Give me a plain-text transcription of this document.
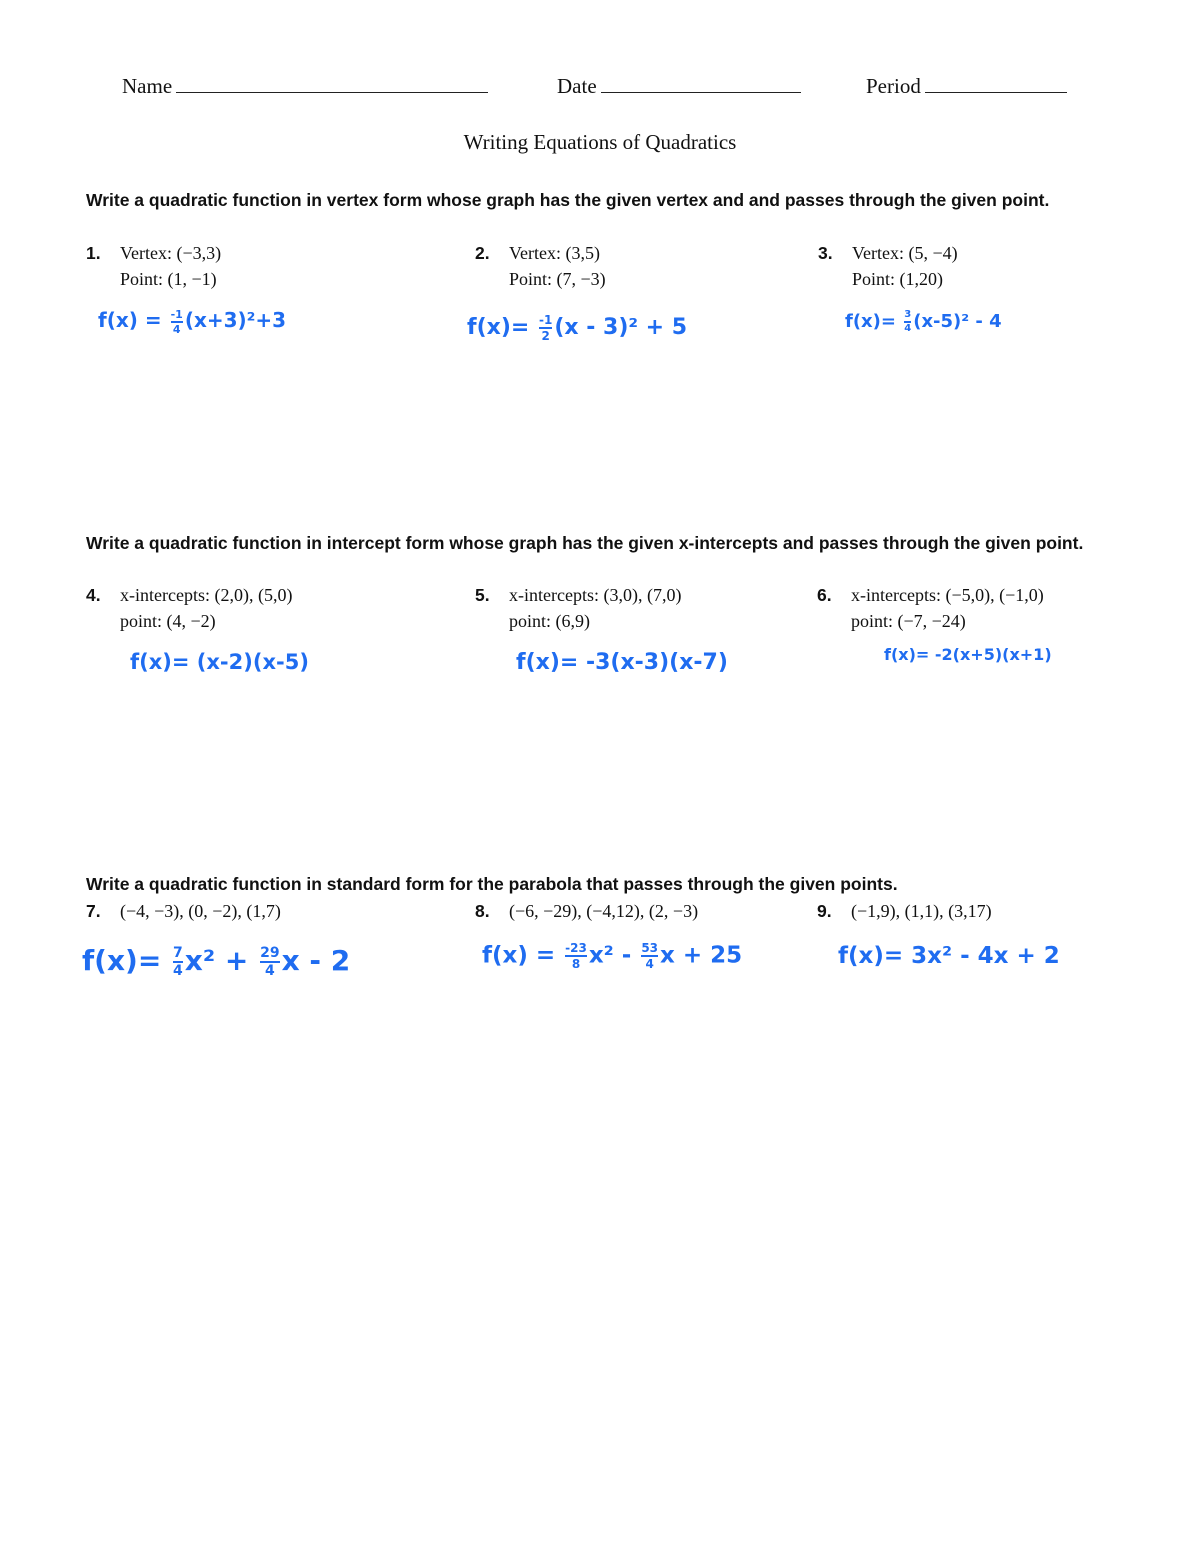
Name	Date	Period
Writing Equations of Quadratics
Write a quadratic function in vertex form whose graph has the given vertex and and passes through the given point.
1. Vertex: (−3,3)
Point: (1, −1)
2. Vertex: (3,5)
Point: (7, −3)
3. Vertex: (5, −4)
Point: (1,20)
$f(x) = \frac{-1}{4} (x+3)^2+3$	$f(x)= \frac{-1}{2} (x - 3)^2 + 5$	$f(x)= \frac{3}{4} (x-5)^2 - 4$
Write a quadratic function in intercept form whose graph has the given x-intercepts and passes through the given point.
4. x-intercepts: (2,0), (5,0)
point: (4, −2)
5. x-intercepts: (3,0), (7,0)
point: (6,9)
6. x-intercepts: (−5,0), (−1,0)
point: (−7, −24)
f(x)= (x-2)(x-5)	f(x)= -3(x-3)(x-7)	f(x)= -2(x+5)(x+1)
Write a quadratic function in standard form for the parabola that passes through the given points.
7. (−4, −3), (0, −2), (1,7)	8. (−6, −29), (−4,12), (2, −3)	9. (−1,9), (1,1), (3,17)
$f(x)= \frac{7}{4} x^2 + \frac{29}{4}$ x - 2	$f(x) = \frac{-23}{8} x^2 - \frac{53}{4}$ x + 25	f(x)= 3x² - 4x + 2
